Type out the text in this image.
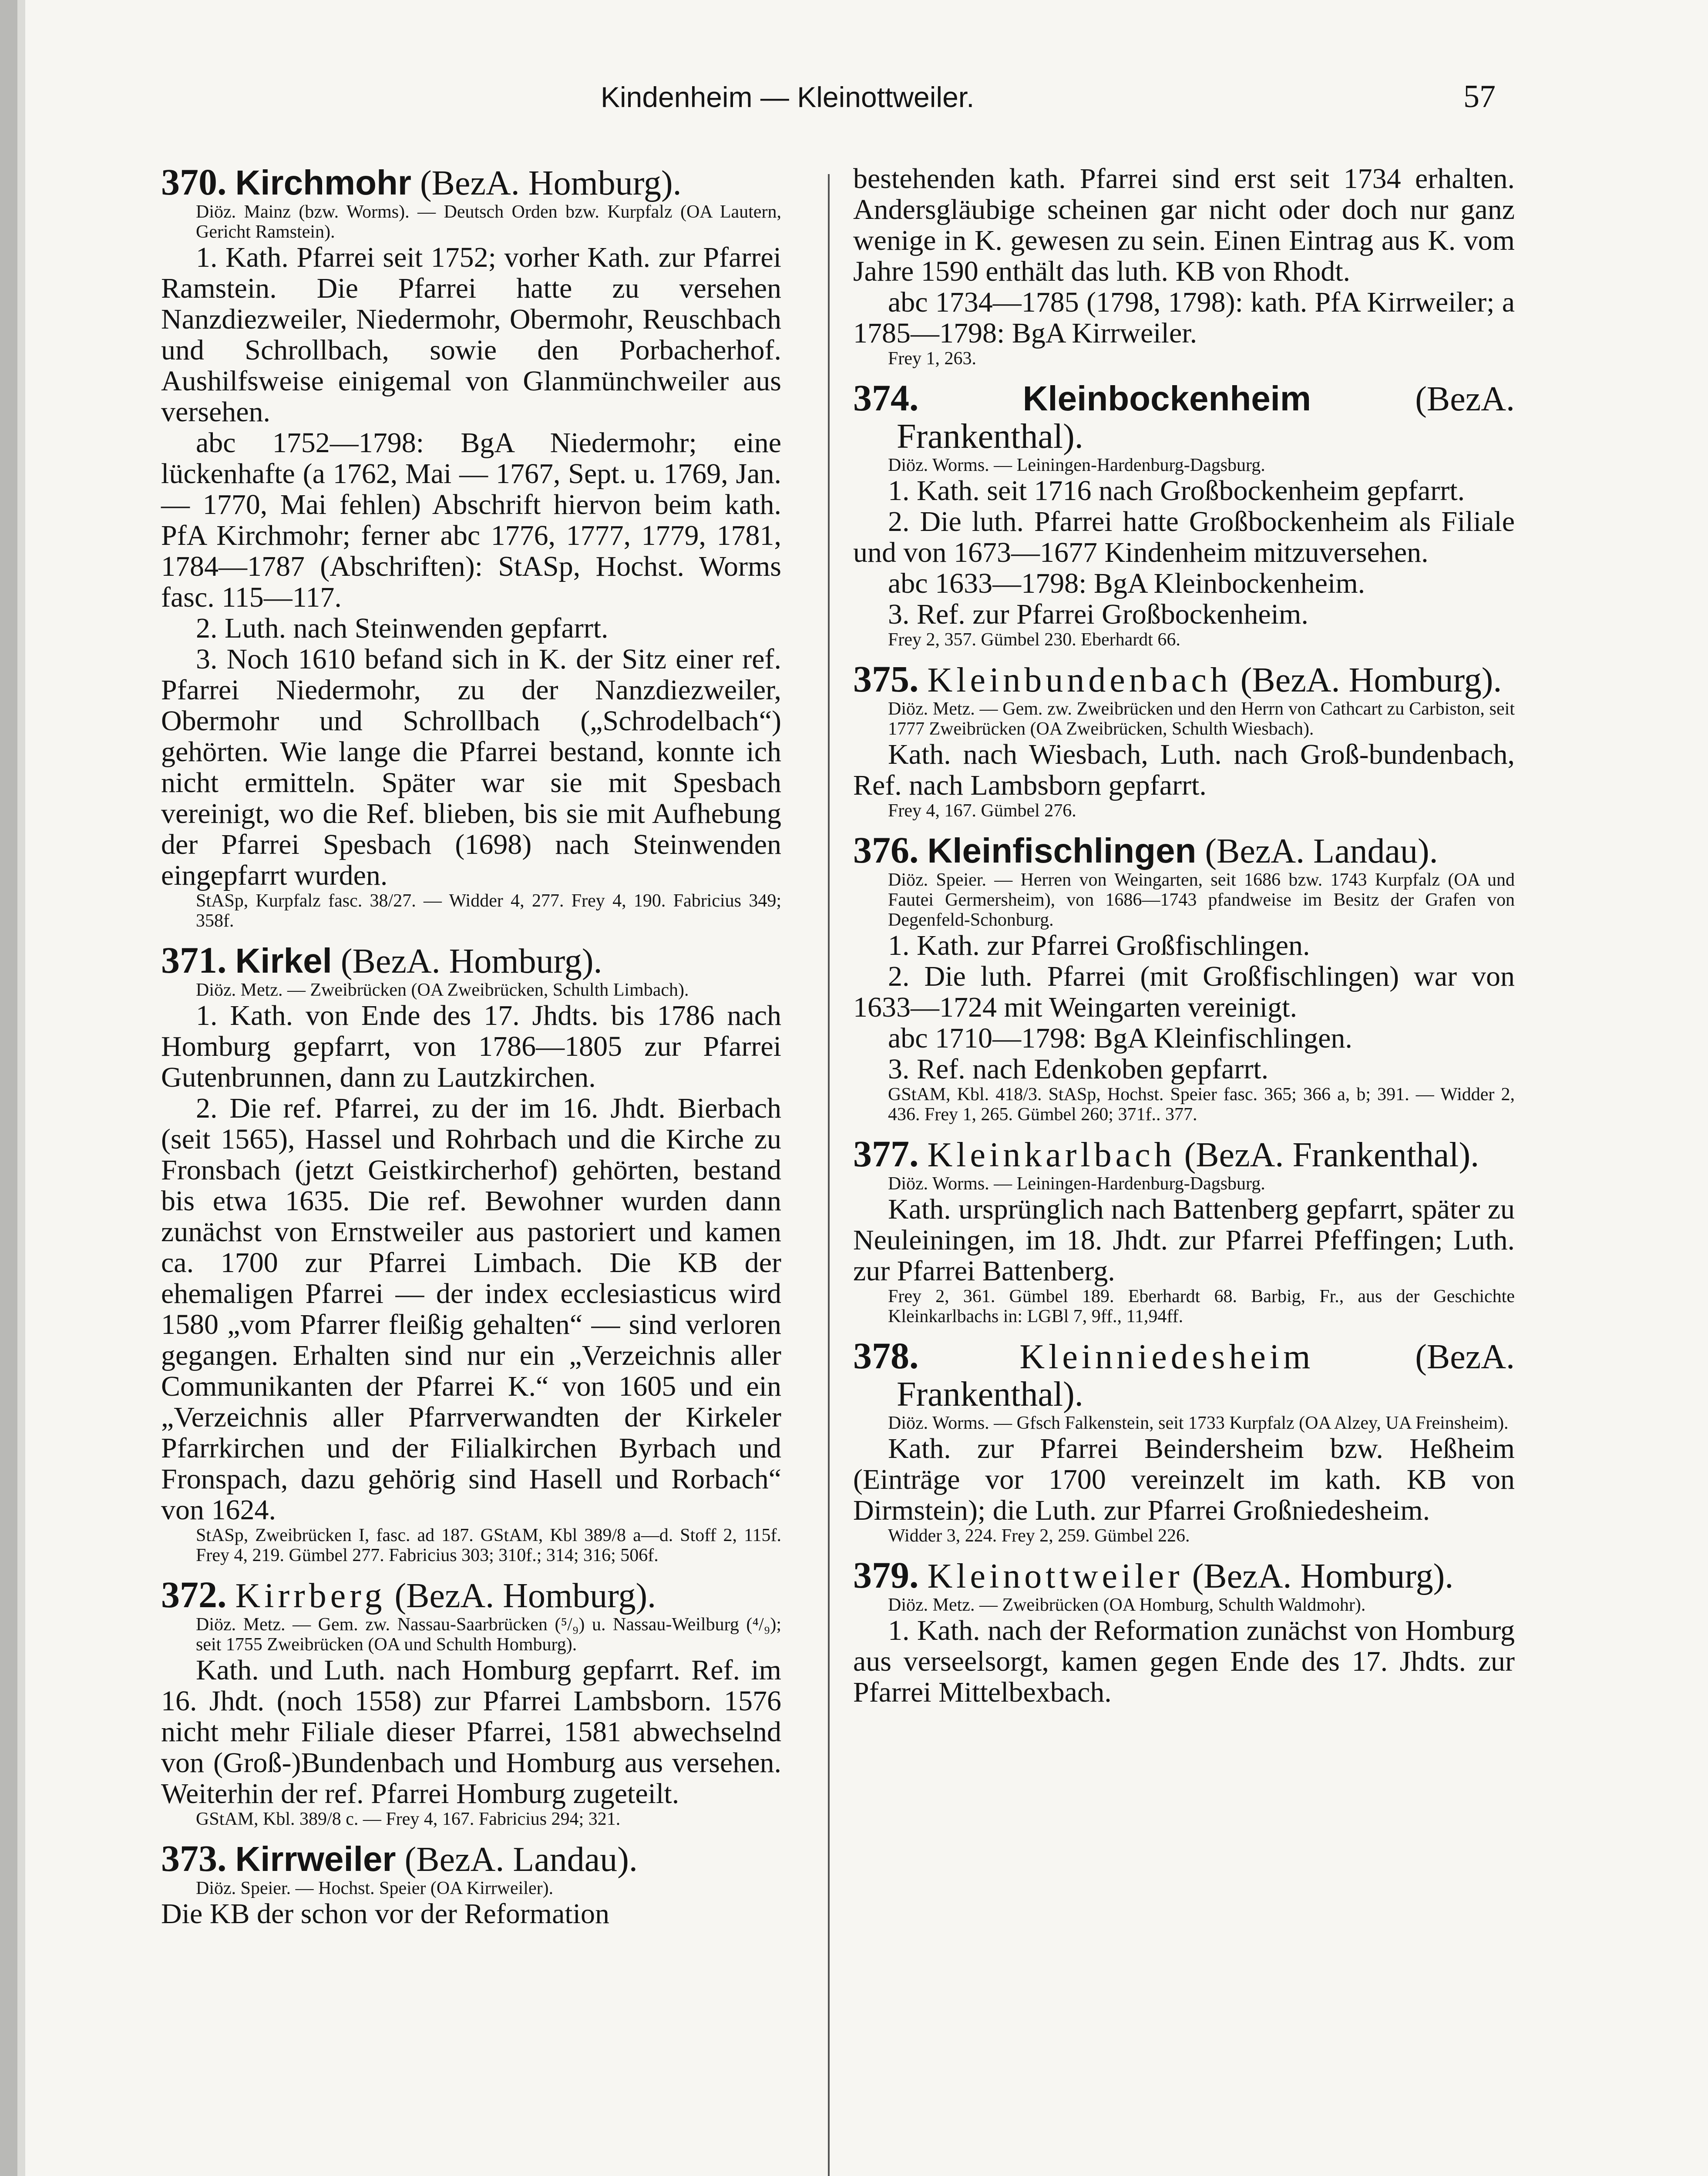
Kindenheim — Kleinottweiler.	57

370. Kirchmohr (BezA. Homburg).

Diöz. Mainz (bzw. Worms). — Deutsch Orden bzw. Kurpfalz (OA Lautern, Gericht Ramstein).

1. Kath. Pfarrei seit 1752; vorher Kath. zur Pfarrei Ramstein. Die Pfarrei hatte zu versehen Nanzdiezweiler, Niedermohr, Obermohr, Reuschbach und Schrollbach, sowie den Porbacherhof. Aushilfsweise einigemal von Glanmünchweiler aus versehen.

abc 1752—1798: BgA Niedermohr; eine lückenhafte (a 1762, Mai — 1767, Sept. u. 1769, Jan. — 1770, Mai fehlen) Abschrift hiervon beim kath. PfA Kirchmohr; ferner abc 1776, 1777, 1779, 1781, 1784—1787 (Abschriften): StASp, Hochst. Worms fasc. 115—117.

2. Luth. nach Steinwenden gepfarrt.

3. Noch 1610 befand sich in K. der Sitz einer ref. Pfarrei Niedermohr, zu der Nanzdiezweiler, Obermohr und Schrollbach („Schrodelbach“) gehörten. Wie lange die Pfarrei bestand, konnte ich nicht ermitteln. Später war sie mit Spesbach vereinigt, wo die Ref. blieben, bis sie mit Aufhebung der Pfarrei Spesbach (1698) nach Steinwenden eingepfarrt wurden.

StASp, Kurpfalz fasc. 38/27. — Widder 4, 277. Frey 4, 190. Fabricius 349; 358f.

371. Kirkel (BezA. Homburg).

Diöz. Metz. — Zweibrücken (OA Zweibrücken, Schulth Limbach).

1. Kath. von Ende des 17. Jhdts. bis 1786 nach Homburg gepfarrt, von 1786—1805 zur Pfarrei Gutenbrunnen, dann zu Lautzkirchen.

2. Die ref. Pfarrei, zu der im 16. Jhdt. Bierbach (seit 1565), Hassel und Rohrbach und die Kirche zu Fronsbach (jetzt Geistkircherhof) gehörten, bestand bis etwa 1635. Die ref. Bewohner wurden dann zunächst von Ernstweiler aus pastoriert und kamen ca. 1700 zur Pfarrei Limbach. Die KB der ehemaligen Pfarrei — der index ecclesiasticus wird 1580 „vom Pfarrer fleißig gehalten“ — sind verloren gegangen. Erhalten sind nur ein „Verzeichnis aller Communikanten der Pfarrei K.“ von 1605 und ein „Verzeichnis aller Pfarrverwandten der Kirkeler Pfarrkirchen und der Filialkirchen Byrbach und Fronspach, dazu gehörig sind Hasell und Rorbach“ von 1624.

StASp, Zweibrücken I, fasc. ad 187. GStAM, Kbl 389/8 a—d. Stoff 2, 115f. Frey 4, 219. Gümbel 277. Fabricius 303; 310f.; 314; 316; 506f.

372. Kirrberg (BezA. Homburg).

Diöz. Metz. — Gem. zw. Nassau-Saarbrücken (⁵/₉) u. Nassau-Weilburg (⁴/₉); seit 1755 Zweibrücken (OA und Schulth Homburg).

Kath. und Luth. nach Homburg gepfarrt. Ref. im 16. Jhdt. (noch 1558) zur Pfarrei Lambsborn. 1576 nicht mehr Filiale dieser Pfarrei, 1581 abwechselnd von (Groß-)Bundenbach und Homburg aus versehen. Weiterhin der ref. Pfarrei Homburg zugeteilt.

GStAM, Kbl. 389/8 c. — Frey 4, 167. Fabricius 294; 321.

373. Kirrweiler (BezA. Landau).

Diöz. Speier. — Hochst. Speier (OA Kirrweiler).

Die KB der schon vor der Reformation

bestehenden kath. Pfarrei sind erst seit 1734 erhalten. Andersgläubige scheinen gar nicht oder doch nur ganz wenige in K. gewesen zu sein. Einen Eintrag aus K. vom Jahre 1590 enthält das luth. KB von Rhodt.

abc 1734—1785 (1798, 1798): kath. PfA Kirrweiler; a 1785—1798: BgA Kirrweiler.

Frey 1, 263.

374.	Kleinbockenheim (BezA. Frankenthal).

Diöz. Worms. — Leiningen-Hardenburg-Dagsburg.

1. Kath. seit 1716 nach Großbockenheim gepfarrt.

2. Die luth. Pfarrei hatte Großbockenheim als Filiale und von 1673—1677 Kindenheim mitzuversehen.

abc 1633—1798: BgA Kleinbockenheim.

3. Ref. zur Pfarrei Großbockenheim.

Frey 2, 357. Gümbel 230. Eberhardt 66.

375. Kleinbundenbach (BezA. Homburg).

Diöz. Metz. — Gem. zw. Zweibrücken und den Herrn von Cathcart zu Carbiston, seit 1777 Zweibrücken (OA Zweibrücken, Schulth Wiesbach).

Kath. nach Wiesbach, Luth. nach Groß-bundenbach, Ref. nach Lambsborn gepfarrt.

Frey 4, 167. Gümbel 276.

376. Kleinfischlingen (BezA. Landau).

Diöz. Speier. — Herren von Weingarten, seit 1686 bzw. 1743 Kurpfalz (OA und Fautei Germersheim), von 1686—1743 pfandweise im Besitz der Grafen von Degenfeld-Schonburg.

1. Kath. zur Pfarrei Großfischlingen.

2. Die luth. Pfarrei (mit Großfischlingen) war von 1633—1724 mit Weingarten vereinigt.

abc 1710—1798: BgA Kleinfischlingen.

3. Ref. nach Edenkoben gepfarrt.

GStAM, Kbl. 418/3. StASp, Hochst. Speier fasc. 365; 366 a, b; 391. — Widder 2, 436. Frey 1, 265. Gümbel 260; 371f.. 377.

377. Kleinkarlbach (BezA. Frankenthal).

Diöz. Worms. — Leiningen-Hardenburg-Dagsburg.

Kath. ursprünglich nach Battenberg gepfarrt, später zu Neuleiningen, im 18. Jhdt. zur Pfarrei Pfeffingen; Luth. zur Pfarrei Battenberg.

Frey 2, 361. Gümbel 189. Eberhardt 68. Barbig, Fr., aus der Geschichte Kleinkarlbachs in: LGBl 7, 9ff., 11,94ff.

378.	Kleinniedesheim (BezA. Frankenthal).

Diöz. Worms. — Gfsch Falkenstein, seit 1733 Kurpfalz (OA Alzey, UA Freinsheim).

Kath. zur Pfarrei Beindersheim bzw. Heßheim (Einträge vor 1700 vereinzelt im kath. KB von Dirmstein); die Luth. zur Pfarrei Großniedesheim.

Widder 3, 224. Frey 2, 259. Gümbel 226.

379. Kleinottweiler (BezA. Homburg).

Diöz. Metz. — Zweibrücken (OA Homburg, Schulth Waldmohr).

1. Kath. nach der Reformation zunächst von Homburg aus verseelsorgt, kamen gegen Ende des 17. Jhdts. zur Pfarrei Mittelbexbach.
